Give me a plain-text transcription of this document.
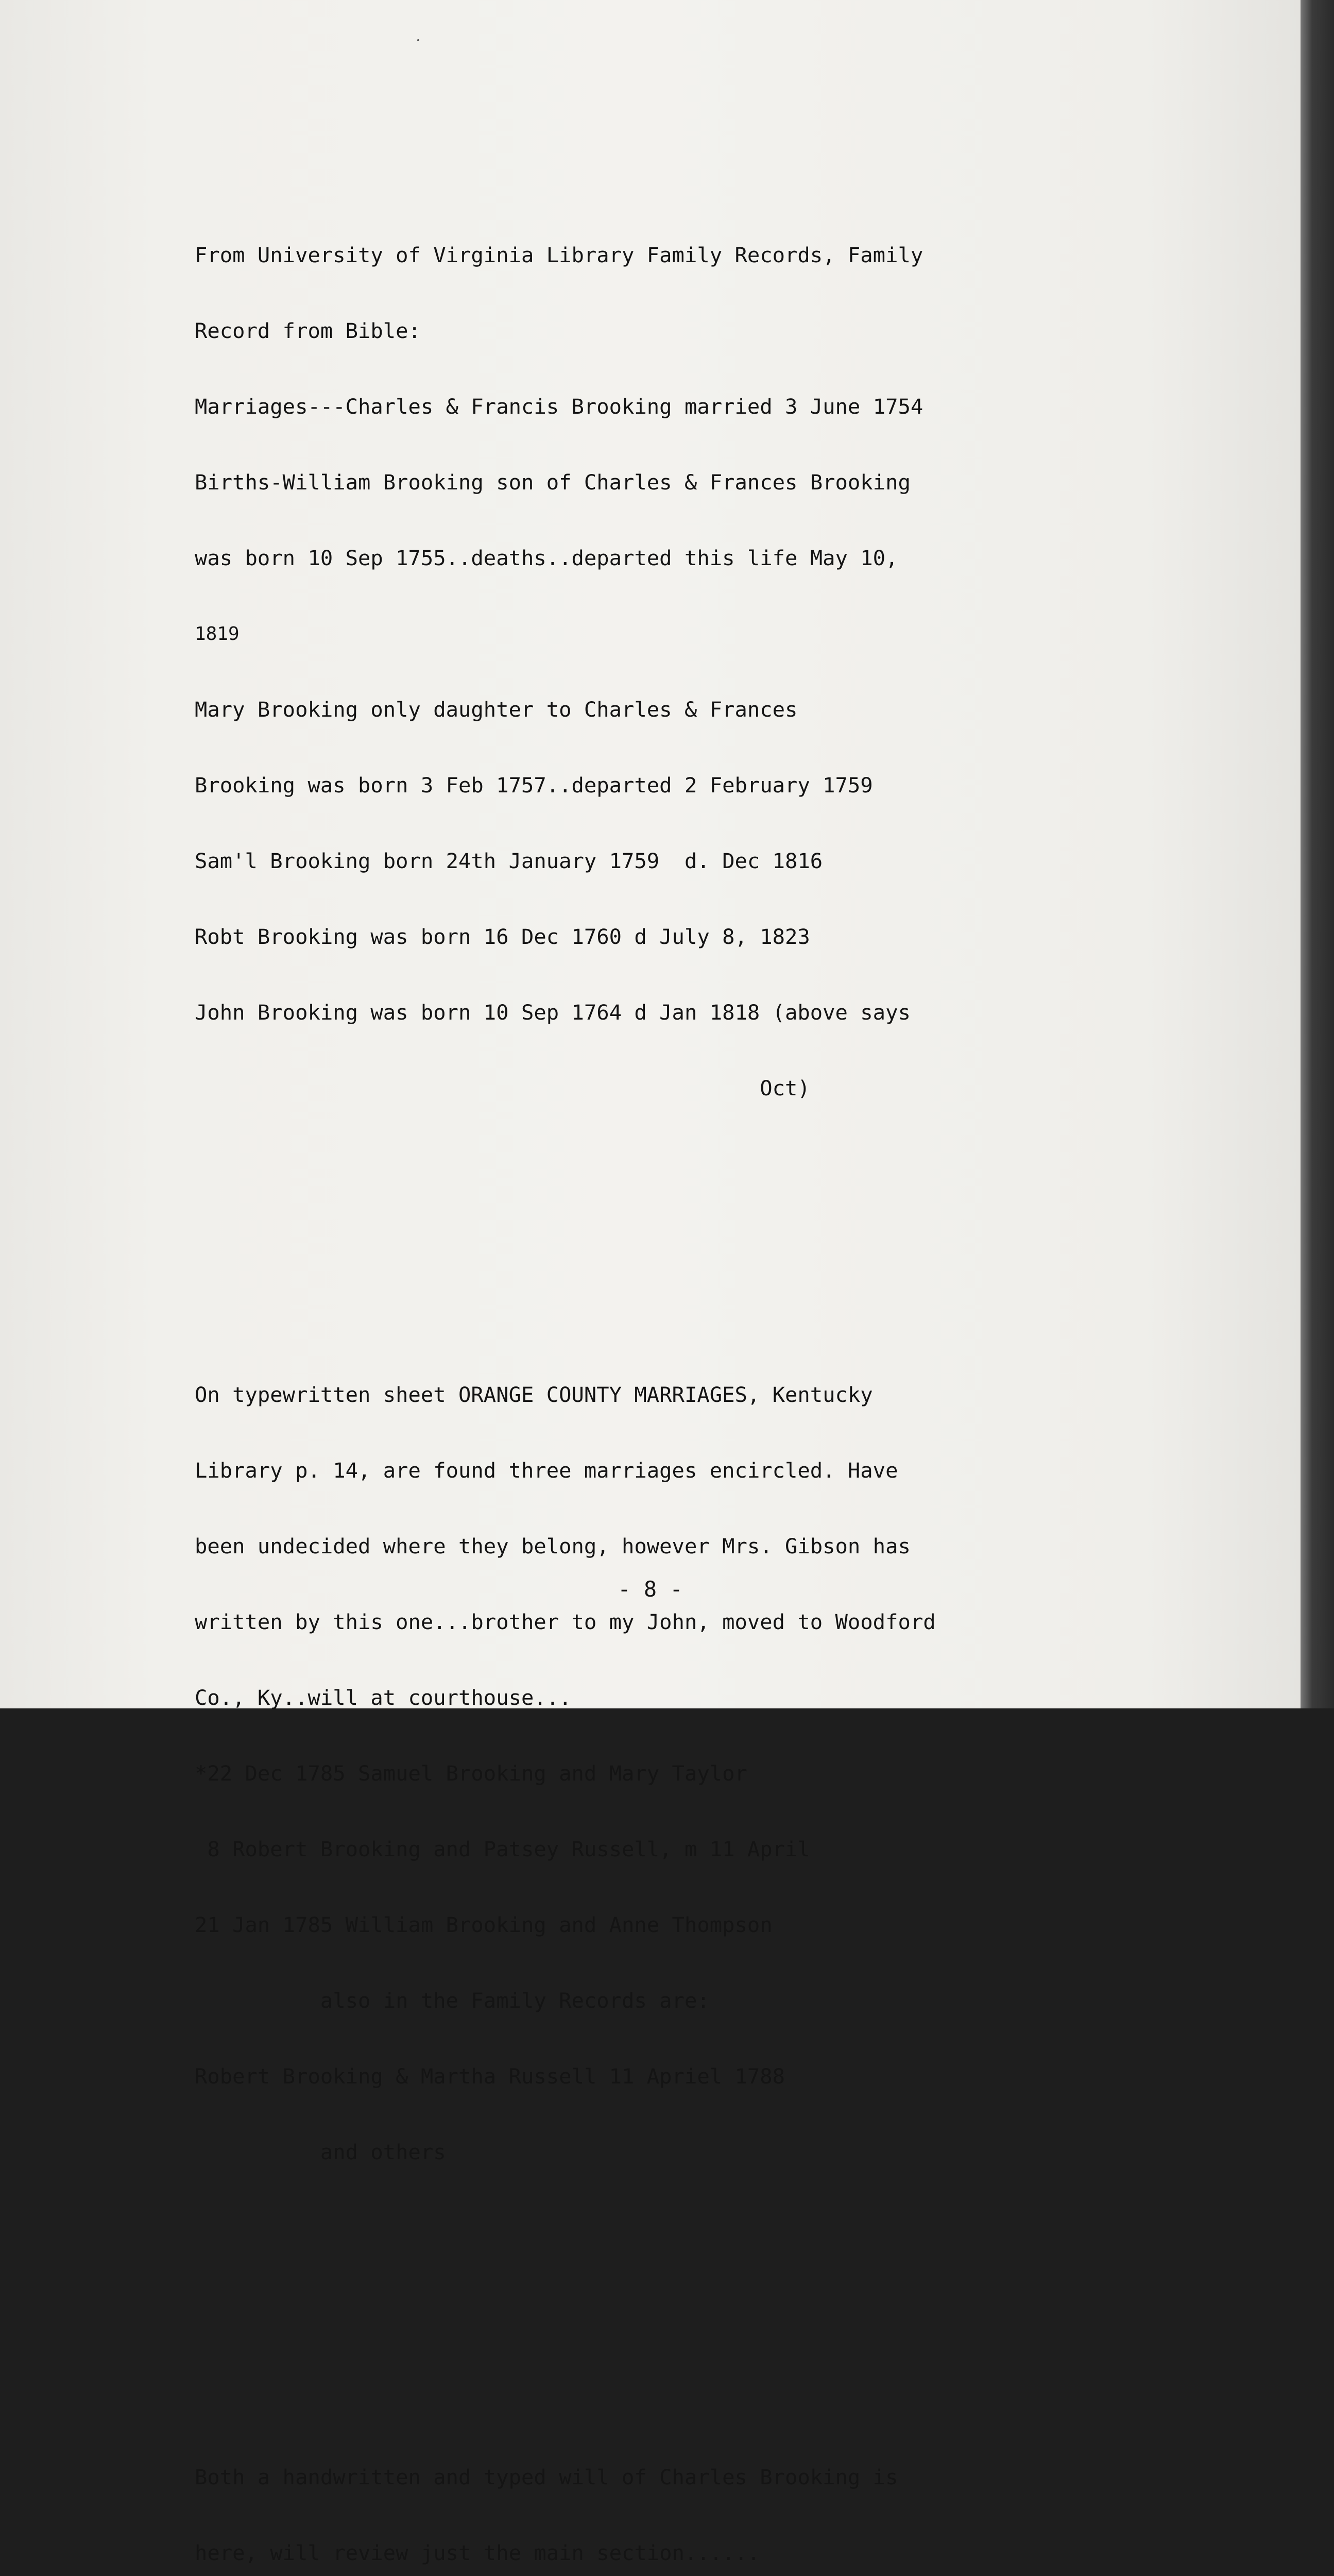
From University of Virginia Library Family Records, Family

Record from Bible:

Marriages---Charles & Francis Brooking married 3 June 1754

Births-William Brooking son of Charles & Frances Brooking

was born 10 Sep 1755..deaths..departed this life May 10,

1819

Mary Brooking only daughter to Charles & Frances

Brooking was born 3 Feb 1757..departed 2 February 1759

Sam'l Brooking born 24th January 1759  d. Dec 1816

Robt Brooking was born 16 Dec 1760 d July 8, 1823

John Brooking was born 10 Sep 1764 d Jan 1818 (above says

Oct)

On typewritten sheet ORANGE COUNTY MARRIAGES, Kentucky

Library p. 14, are found three marriages encircled. Have

been undecided where they belong, however Mrs. Gibson has

written by this one...brother to my John, moved to Woodford

Co., Ky..will at courthouse...

*22 Dec 1785 Samuel Brooking and Mary Taylor

8 Robert Brooking and Patsey Russell, m 11 April

21 Jan 1785 William Brooking and Anne Thompson

also in the Family Records are:

Robert Brooking & Martha Russell 11 Apriel 1788

and others

Both a handwritten and typed will of Charles Brooking is

here, will review just the main section......

- 8 -
